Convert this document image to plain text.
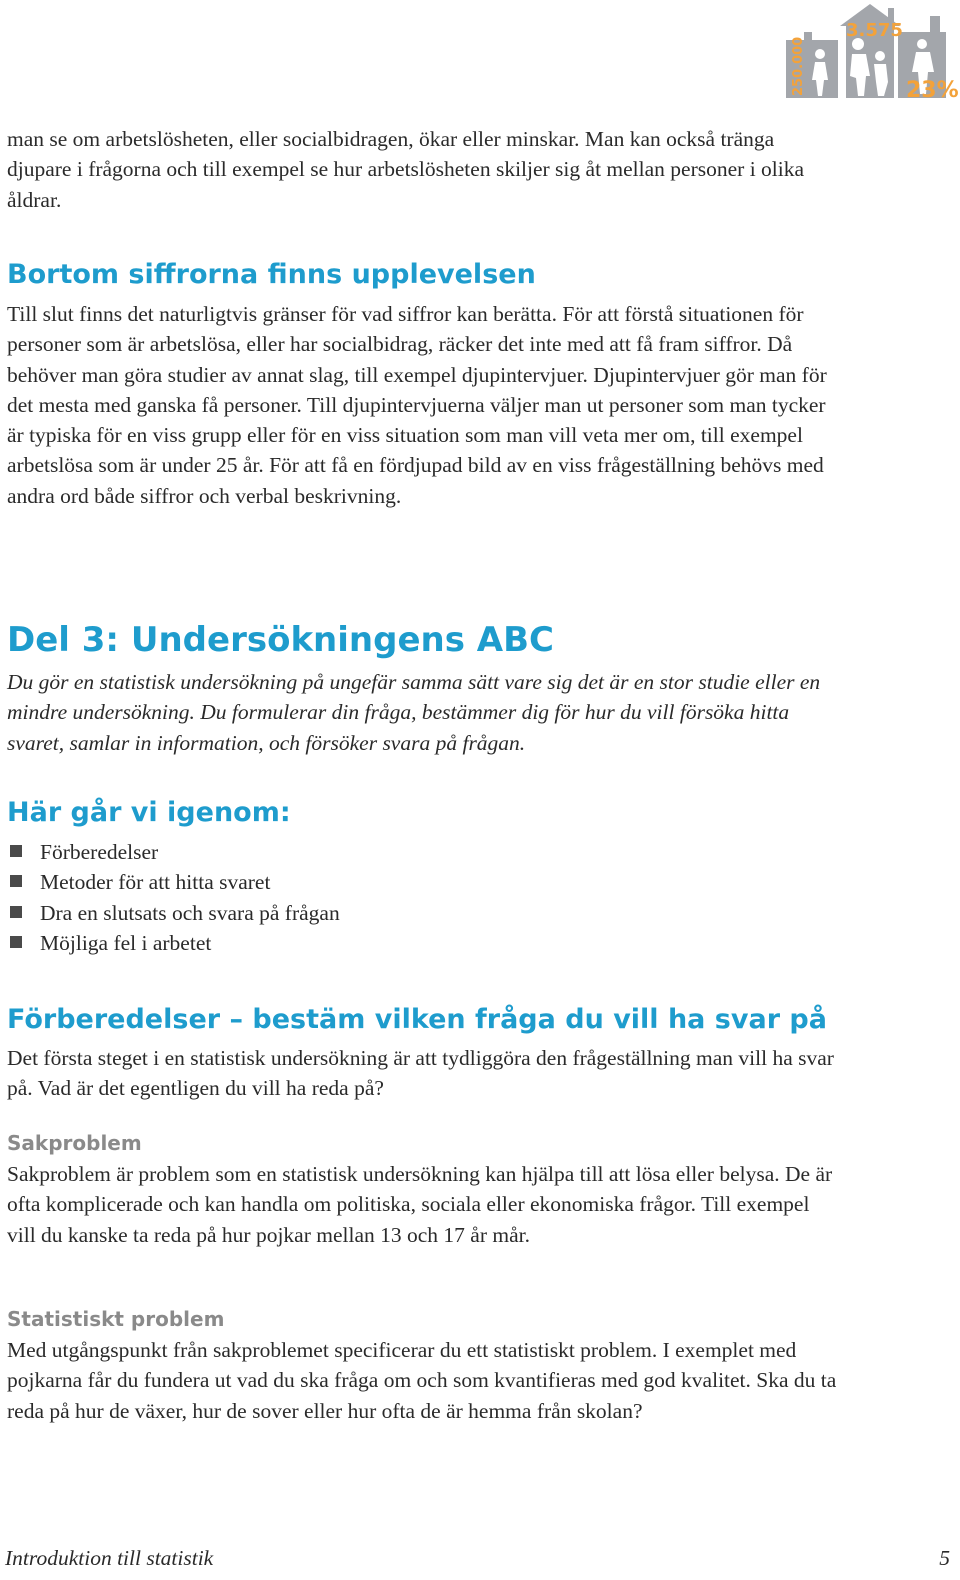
3.575
250.000	23%

man se om arbetslösheten, eller socialbidragen, ökar eller minskar. Man kan också tränga djupare i frågorna och till exempel se hur arbetslösheten skiljer sig åt mellan personer i olika åldrar.

Bortom siffrorna finns upplevelsen

Till slut finns det naturligtvis gränser för vad siffror kan berätta. För att förstå situationen för personer som är arbetslösa, eller har socialbidrag, räcker det inte med att få fram siffror. Då behöver man göra studier av annat slag, till exempel djupintervjuer. Djupintervjuer gör man för det mesta med ganska få personer. Till djupintervjuerna väljer man ut personer som man tycker är typiska för en viss grupp eller för en viss situation som man vill veta mer om, till exempel arbetslösa som är under 25 år. För att få en fördjupad bild av en viss frågeställning behövs med andra ord både siffror och verbal beskrivning.

Del 3: Undersökningens ABC

Du gör en statistisk undersökning på ungefär samma sätt vare sig det är en stor studie eller en mindre undersökning. Du formulerar din fråga, bestämmer dig för hur du vill försöka hitta svaret, samlar in information, och försöker svara på frågan.

Här går vi igenom:
Förberedelser
Metoder för att hitta svaret
Dra en slutsats och svara på frågan
Möjliga fel i arbetet
Förberedelser – bestäm vilken fråga du vill ha svar på

Det första steget i en statistisk undersökning är att tydliggöra den frågeställning man vill ha svar på. Vad är det egentligen du vill ha reda på?

Sakproblem

Sakproblem är problem som en statistisk undersökning kan hjälpa till att lösa eller belysa. De är ofta komplicerade och kan handla om politiska, sociala eller ekonomiska frågor. Till exempel vill du kanske ta reda på hur pojkar mellan 13 och 17 år mår.

Statistiskt problem

Med utgångspunkt från sakproblemet specificerar du ett statistiskt problem. I exemplet med pojkarna får du fundera ut vad du ska fråga om och som kvantifieras med god kvalitet. Ska du ta reda på hur de växer, hur de sover eller hur ofta de är hemma från skolan?

Introduktion till statistik	5
